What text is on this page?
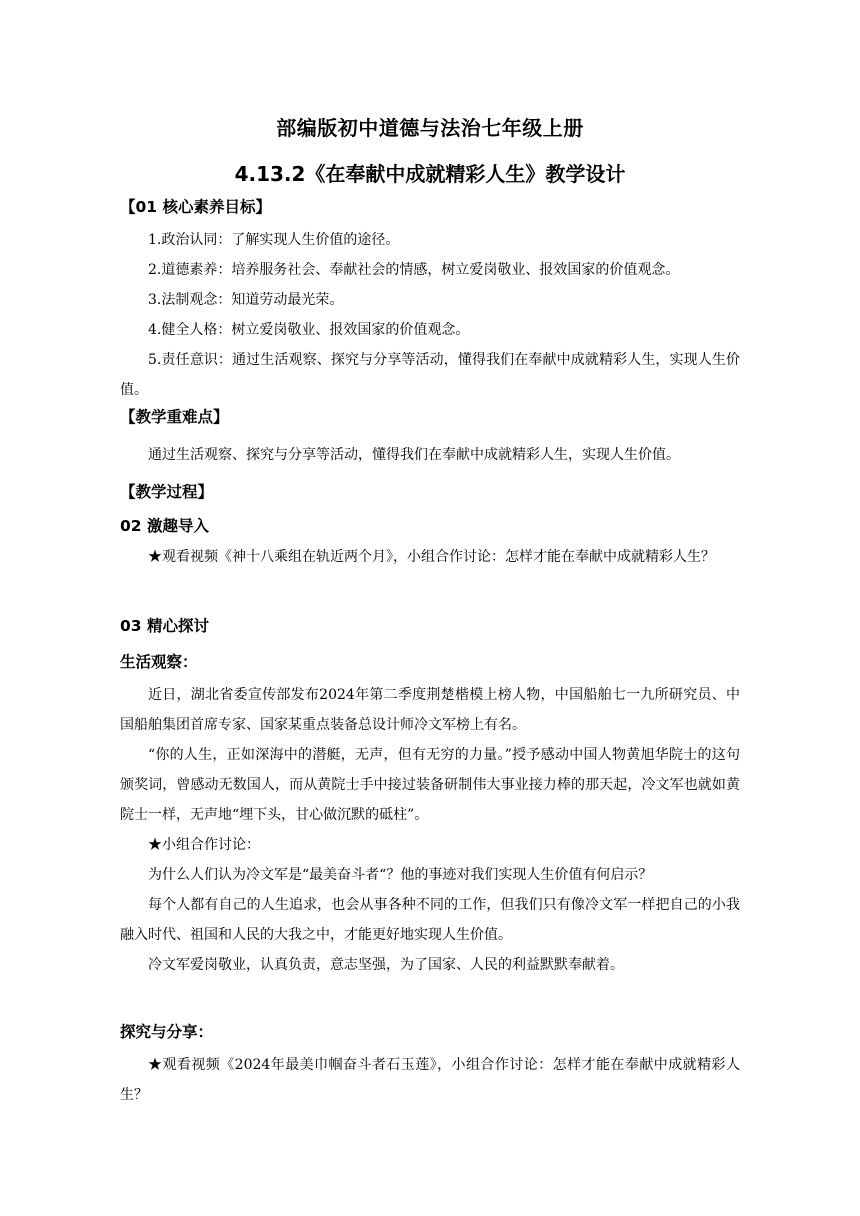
部编版初中道德与法治七年级上册
4.13.2《在奉献中成就精彩人生》教学设计
【01 核心素养目标】
1.政治认同：了解实现人生价值的途径。
2.道德素养：培养服务社会、奉献社会的情感，树立爱岗敬业、报效国家的价值观念。
3.法制观念：知道劳动最光荣。
4.健全人格：树立爱岗敬业、报效国家的价值观念。
5.责任意识：通过生活观察、探究与分享等活动，懂得我们在奉献中成就精彩人生，实现人生价值。
【教学重难点】
通过生活观察、探究与分享等活动，懂得我们在奉献中成就精彩人生，实现人生价值。
【教学过程】
02 激趣导入
★观看视频《神十八乘组在轨近两个月》，小组合作讨论：怎样才能在奉献中成就精彩人生？
03 精心探讨
生活观察：
近日，湖北省委宣传部发布2024年第二季度荆楚楷模上榜人物，中国船舶七一九所研究员、中国船舶集团首席专家、国家某重点装备总设计师冷文军榜上有名。
“你的人生，正如深海中的潜艇，无声，但有无穷的力量。”授予感动中国人物黄旭华院士的这句颁奖词，曾感动无数国人，而从黄院士手中接过装备研制伟大事业接力棒的那天起，冷文军也就如黄院士一样，无声地“埋下头，甘心做沉默的砥柱”。
★小组合作讨论：
为什么人们认为冷文军是“最美奋斗者“？他的事迹对我们实现人生价值有何启示？
每个人都有自己的人生追求，也会从事各种不同的工作，但我们只有像冷文军一样把自己的小我融入时代、祖国和人民的大我之中，才能更好地实现人生价值。
冷文军爱岗敬业，认真负责，意志坚强，为了国家、人民的利益默默奉献着。
探究与分享：
★观看视频《2024年最美巾帼奋斗者石玉莲》，小组合作讨论：怎样才能在奉献中成就精彩人生？
